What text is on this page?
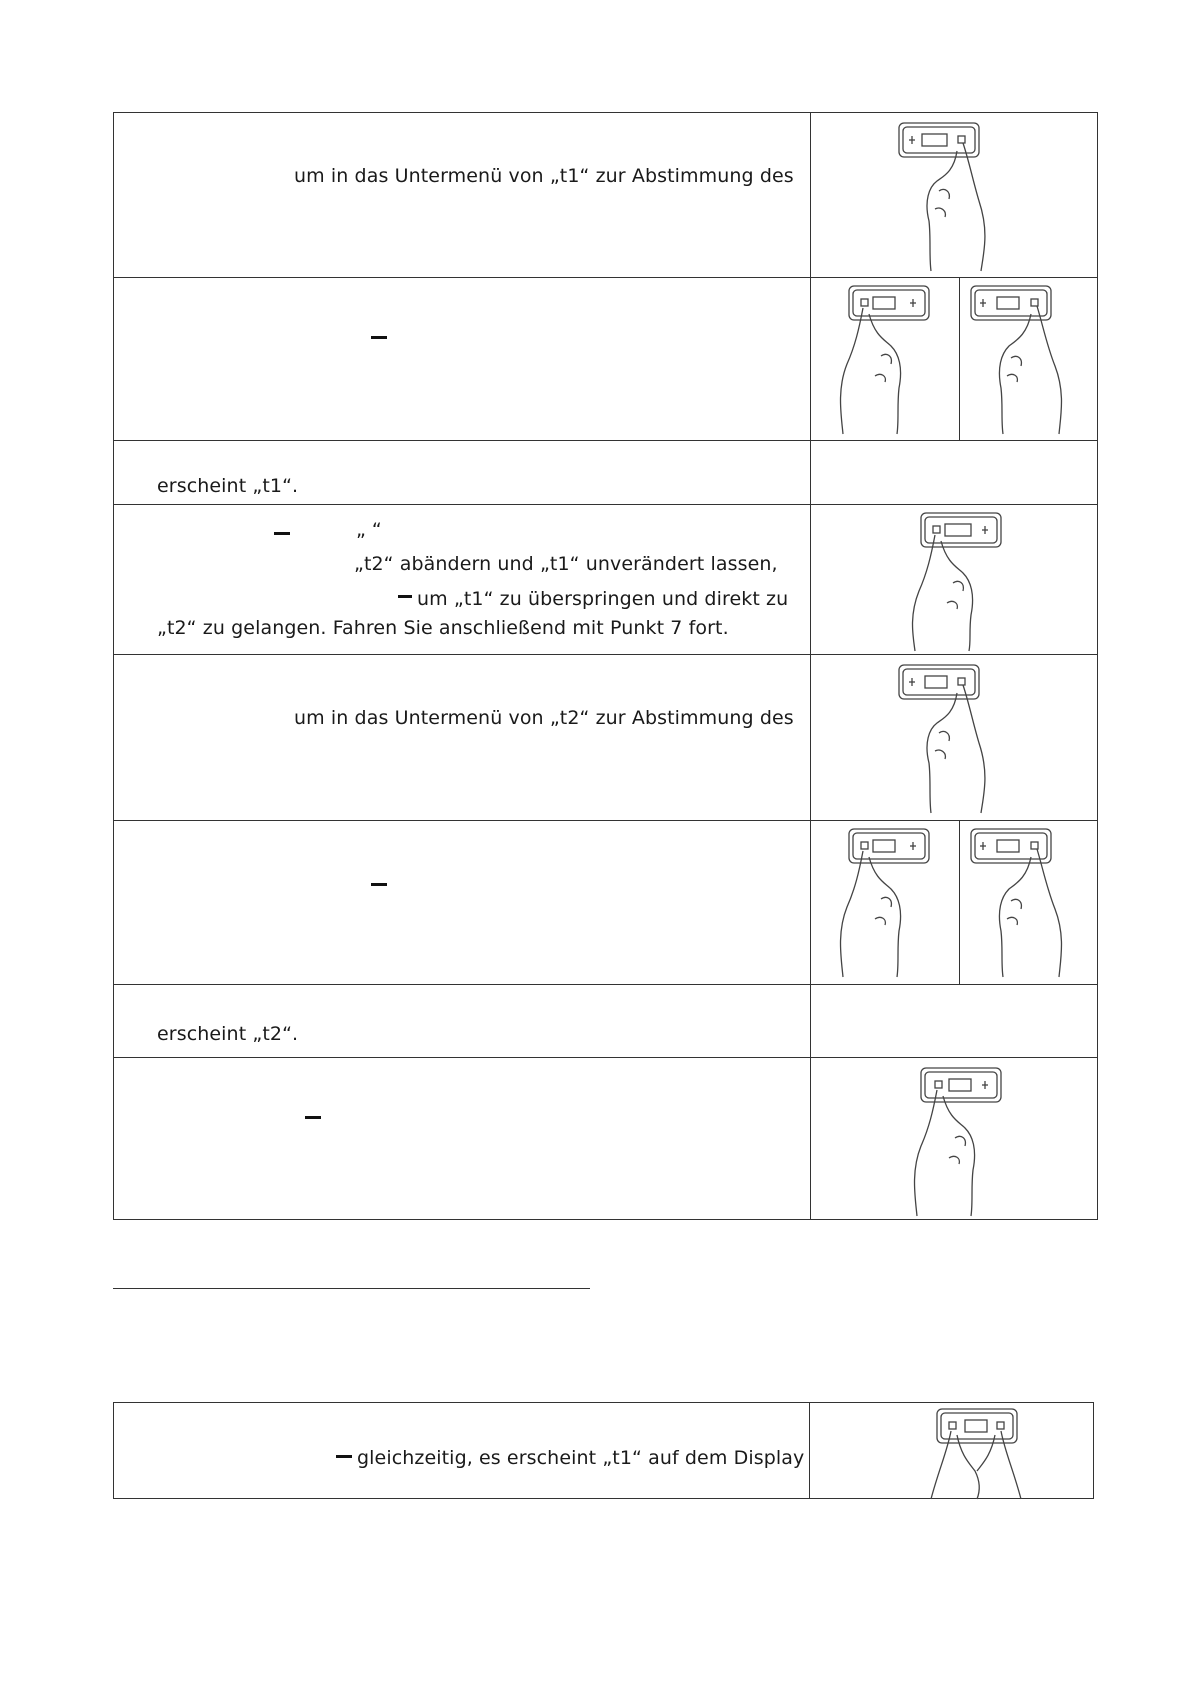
um in das Untermenü von „t1“ zur Abstimmung des
erscheint „t1“.
„ “
„t2“ abändern und „t1“ unverändert lassen,
um „t1“ zu überspringen und direkt zu
„t2“ zu gelangen. Fahren Sie anschließend mit Punkt 7 fort.
um in das Untermenü von „t2“ zur Abstimmung des
erscheint „t2“.
gleichzeitig, es erscheint „t1“ auf dem Display
